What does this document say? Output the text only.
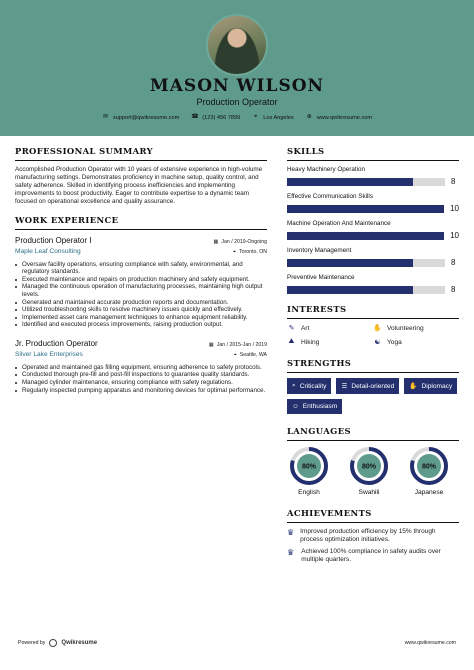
MASON WILSON
Production Operator
✉ support@qwikresume.com ☎ (123) 456 7899 ⌖	Los Angeles ⊕ www.qwikresume.com
PROFESSIONAL SUMMARY
Accomplished Production Operator with 10 years of extensive experience in high-volume manufacturing settings. Demonstrates proficiency in machine setup, quality control, and safety adherence. Skilled in identifying process inefficiencies and implementing improvements to boost productivity. Eager to contribute expertise to a dynamic team focused on operational excellence and quality assurance.
WORK EXPERIENCE
Production Operator I	▦ Jan / 2019-Ongoing
Maple Leaf Consulting	⌖ Toronto, ON
Oversaw facility operations, ensuring compliance with safety, environmental, and regulatory standards.
Executed maintenance and repairs on production machinery and safety equipment.
Managed the continuous operation of manufacturing processes, maintaining high output levels.
Generated and maintained accurate production reports and documentation.
Utilized troubleshooting skills to resolve machinery issues quickly and effectively.
Implemented asset care management techniques to enhance equipment reliability.
Identified and executed process improvements, raising production output.
Jr. Production Operator	▦ Jan / 2015-Jan / 2019
Silver Lake Enterprises	⌖ Seattle, WA
Operated and maintained gas filling equipment, ensuring adherence to safety protocols.
Conducted thorough pre-fill and post-fill inspections to guarantee quality standards.
Managed cylinder maintenance, ensuring compliance with safety regulations.
Regularly inspected pumping apparatus and monitoring devices for optimal performance.
SKILLS
Heavy Machinery Operation
8
Effective Communication Skills
10
Machine Operation And Maintenance
10
Inventory Management
8
Preventive Maintenance
8
INTERESTS
✎ Art	✋ Volunteering
⛰ Hiking	☯ Yoga
STRENGTHS
⌕ Criticality ☰ Detail-oriented ✋ Diplomacy
☺ Enthusiasm
LANGUAGES
80%
English
80%
Swahili
80%
Japanese
ACHIEVEMENTS
♛ Improved production efficiency by 15% through process optimization initiatives.
♛ Achieved 100% compliance in safety audits over multiple quarters.
Powered by	Qwikresume	www.qwikresume.com
